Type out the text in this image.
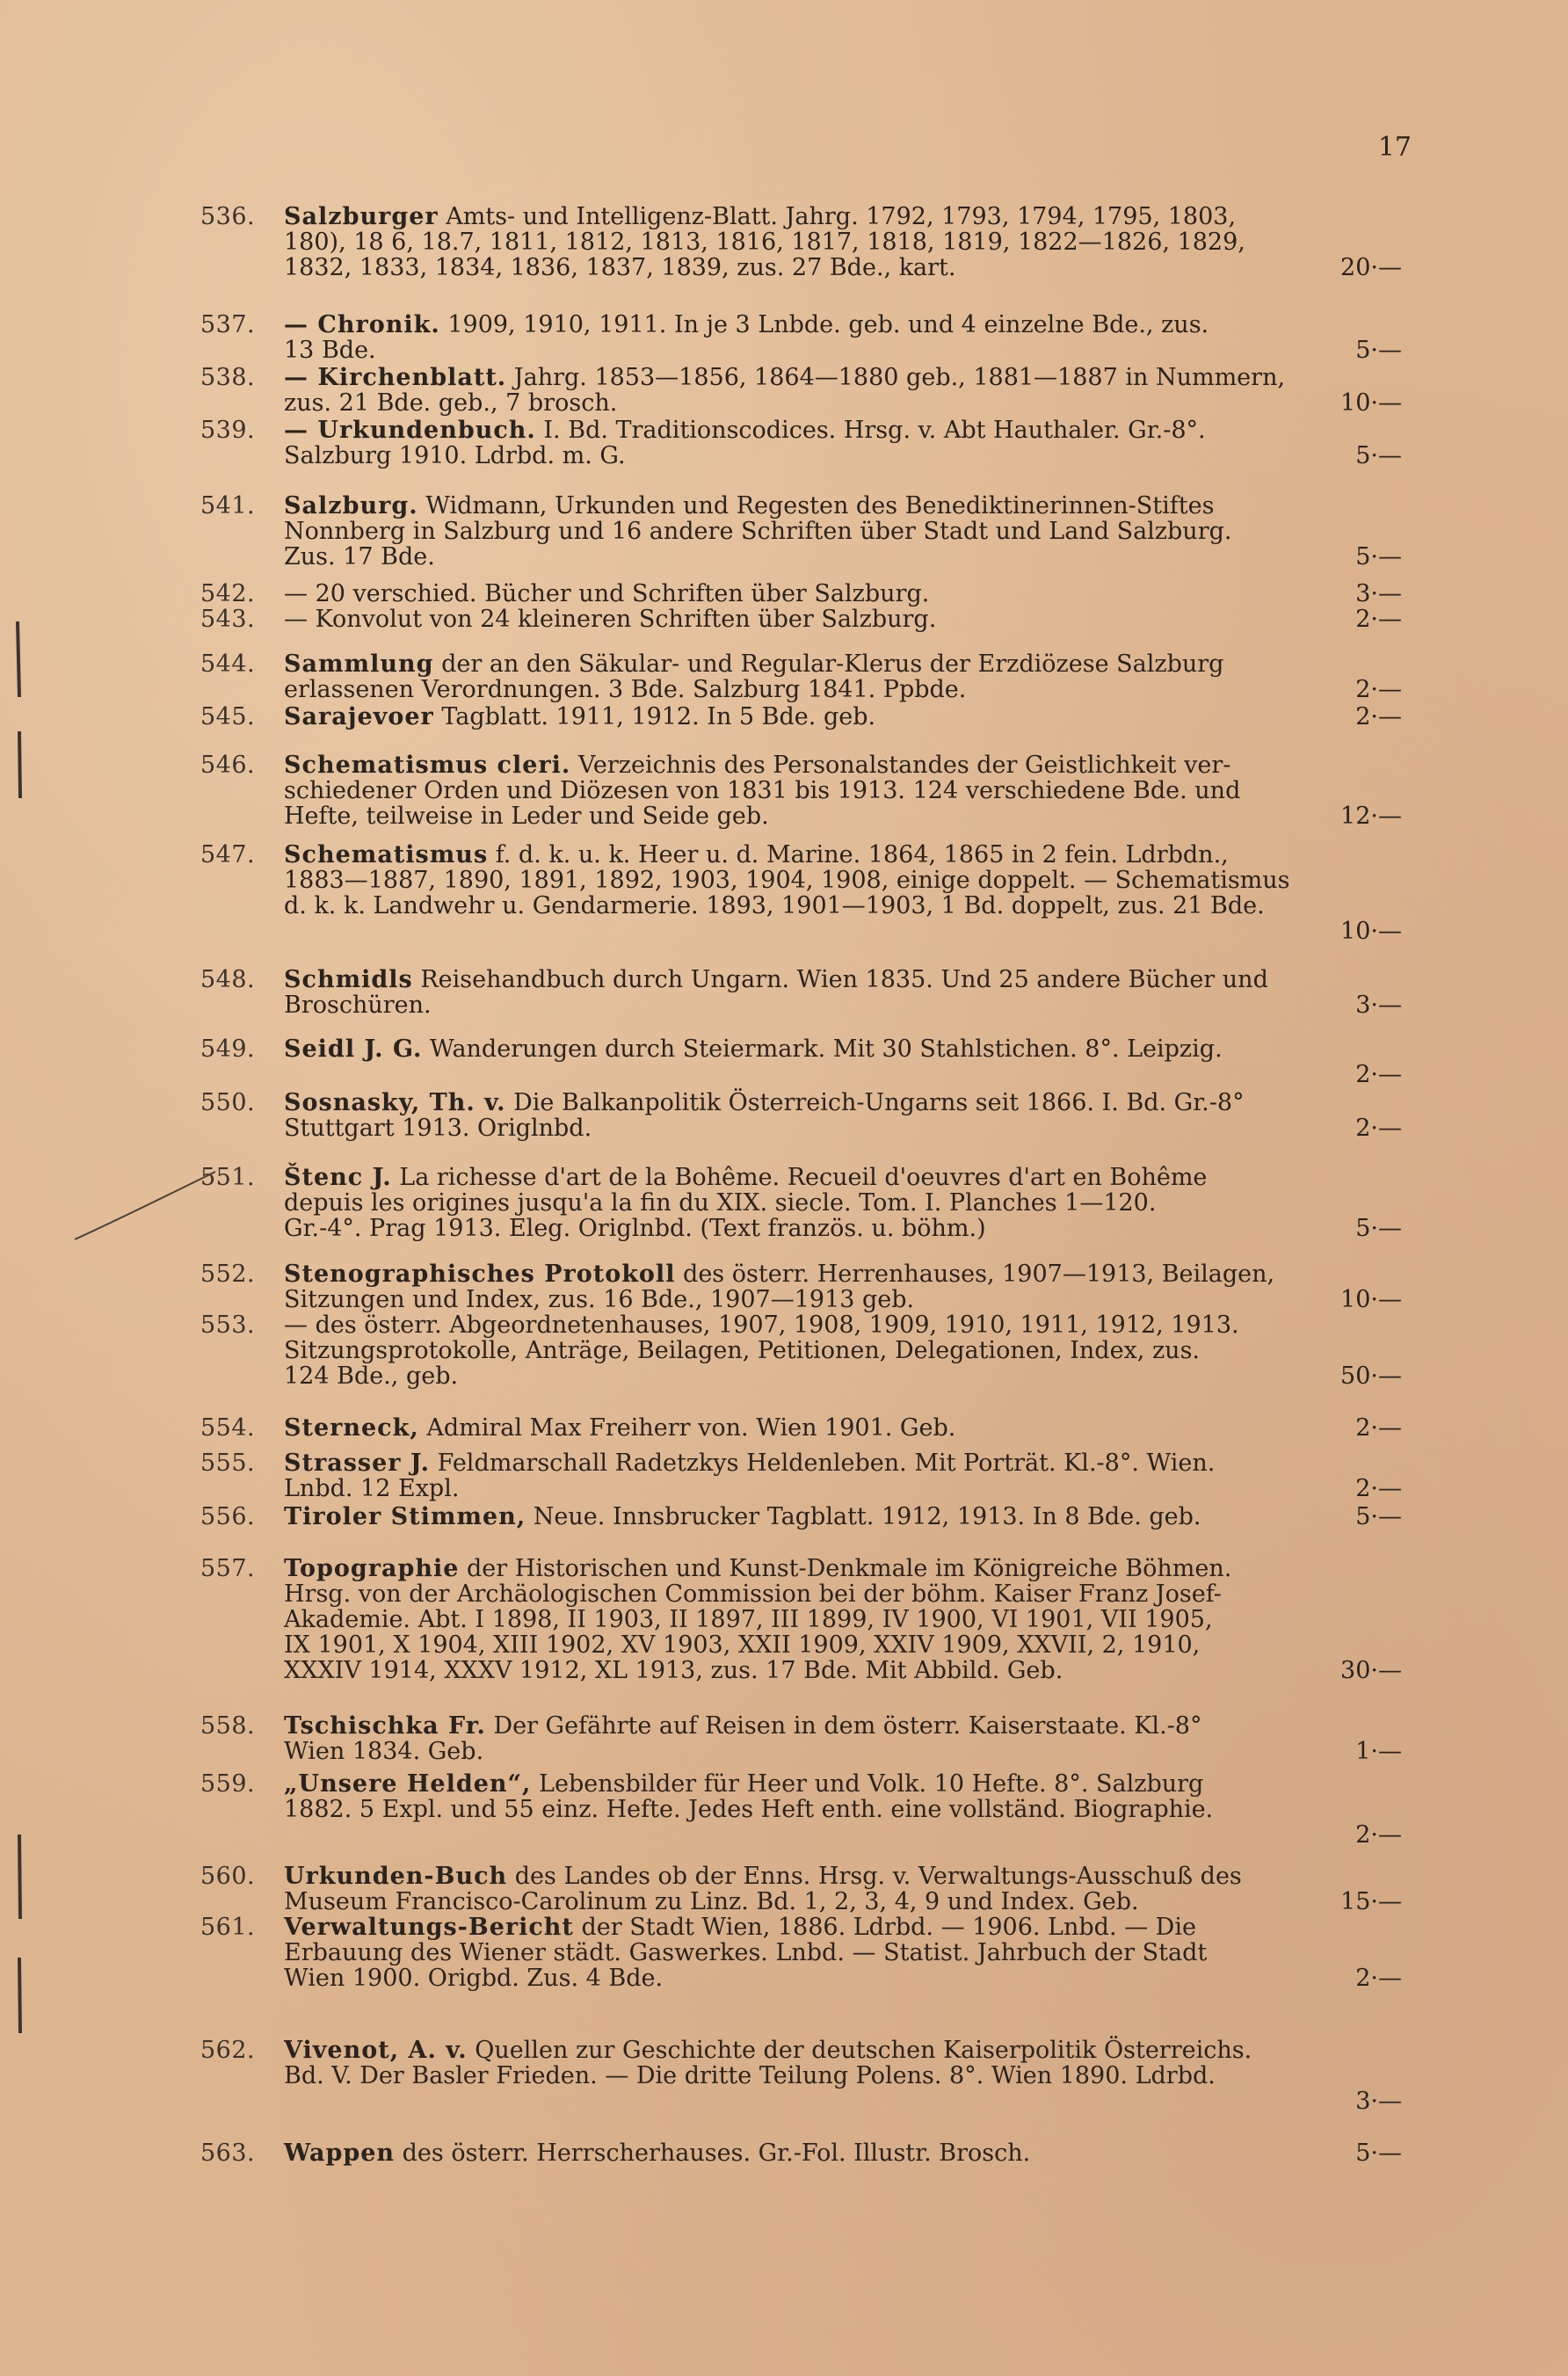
17
536.	Salzburger Amts- und Intelligenz-Blatt. Jahrg. 1792, 1793, 1794, 1795, 1803,
180), 18 6, 18.7, 1811, 1812, 1813, 1816, 1817, 1818, 1819, 1822—1826, 1829,
1832, 1833, 1834, 1836, 1837, 1839, zus. 27 Bde., kart.	20·—
537.	— Chronik. 1909, 1910, 1911. In je 3 Lnbde. geb. und 4 einzelne Bde., zus.
13 Bde.	5·—
538.	— Kirchenblatt. Jahrg. 1853—1856, 1864—1880 geb., 1881—1887 in Nummern,
zus. 21 Bde. geb., 7 brosch.	10·—
539.	— Urkundenbuch. I. Bd. Traditionscodices. Hrsg. v. Abt Hauthaler. Gr.-8°.
Salzburg 1910. Ldrbd. m. G.	5·—
541.	Salzburg. Widmann, Urkunden und Regesten des Benediktinerinnen-Stiftes
Nonnberg in Salzburg und 16 andere Schriften über Stadt und Land Salzburg.
Zus. 17 Bde.	5·—
542.	— 20 verschied. Bücher und Schriften über Salzburg.	3·—
543.	— Konvolut von 24 kleineren Schriften über Salzburg.	2·—
544.	Sammlung der an den Säkular- und Regular-Klerus der Erzdiözese Salzburg
erlassenen Verordnungen. 3 Bde. Salzburg 1841. Ppbde.	2·—
545.	Sarajevoer Tagblatt. 1911, 1912. In 5 Bde. geb.	2·—
546.	Schematismus cleri. Verzeichnis des Personalstandes der Geistlichkeit ver-
schiedener Orden und Diözesen von 1831 bis 1913. 124 verschiedene Bde. und
Hefte, teilweise in Leder und Seide geb.	12·—
547.	Schematismus f. d. k. u. k. Heer u. d. Marine. 1864, 1865 in 2 fein. Ldrbdn.,
1883—1887, 1890, 1891, 1892, 1903, 1904, 1908, einige doppelt. — Schematismus
d. k. k. Landwehr u. Gendarmerie. 1893, 1901—1903, 1 Bd. doppelt, zus. 21 Bde.
10·—
548.	Schmidls Reisehandbuch durch Ungarn. Wien 1835. Und 25 andere Bücher und
Broschüren.	3·—
549.	Seidl J. G. Wanderungen durch Steiermark. Mit 30 Stahlstichen. 8°. Leipzig.
2·—
550.	Sosnasky, Th. v. Die Balkanpolitik Österreich-Ungarns seit 1866. I. Bd. Gr.-8°
Stuttgart 1913. Origlnbd.	2·—
551.	Štenc J. La richesse d'art de la Bohême. Recueil d'oeuvres d'art en Bohême
depuis les origines jusqu'a la fin du XIX. siecle. Tom. I. Planches 1—120.
Gr.-4°. Prag 1913. Eleg. Origlnbd. (Text französ. u. böhm.)	5·—
552.	Stenographisches Protokoll des österr. Herrenhauses, 1907—1913, Beilagen,
Sitzungen und Index, zus. 16 Bde., 1907—1913 geb.	10·—
553.	— des österr. Abgeordnetenhauses, 1907, 1908, 1909, 1910, 1911, 1912, 1913.
Sitzungsprotokolle, Anträge, Beilagen, Petitionen, Delegationen, Index, zus.
124 Bde., geb.	50·—
554.	Sterneck, Admiral Max Freiherr von. Wien 1901. Geb.	2·—
555.	Strasser J. Feldmarschall Radetzkys Heldenleben. Mit Porträt. Kl.-8°. Wien.
Lnbd. 12 Expl.	2·—
556.	Tiroler Stimmen, Neue. Innsbrucker Tagblatt. 1912, 1913. In 8 Bde. geb.	5·—
557.	Topographie der Historischen und Kunst-Denkmale im Königreiche Böhmen.
Hrsg. von der Archäologischen Commission bei der böhm. Kaiser Franz Josef-
Akademie. Abt. I 1898, II 1903, II 1897, III 1899, IV 1900, VI 1901, VII 1905,
IX 1901, X 1904, XIII 1902, XV 1903, XXII 1909, XXIV 1909, XXVII, 2, 1910,
XXXIV 1914, XXXV 1912, XL 1913, zus. 17 Bde. Mit Abbild. Geb.	30·—
558.	Tschischka Fr. Der Gefährte auf Reisen in dem österr. Kaiserstaate. Kl.-8°
Wien 1834. Geb.	1·—
559.	„Unsere Helden“, Lebensbilder für Heer und Volk. 10 Hefte. 8°. Salzburg
1882. 5 Expl. und 55 einz. Hefte. Jedes Heft enth. eine vollständ. Biographie.
2·—
560.	Urkunden-Buch des Landes ob der Enns. Hrsg. v. Verwaltungs-Ausschuß des
Museum Francisco-Carolinum zu Linz. Bd. 1, 2, 3, 4, 9 und Index. Geb.	15·—
561.	Verwaltungs-Bericht der Stadt Wien, 1886. Ldrbd. — 1906. Lnbd. — Die
Erbauung des Wiener städt. Gaswerkes. Lnbd. — Statist. Jahrbuch der Stadt
Wien 1900. Origbd. Zus. 4 Bde.	2·—
562.	Vivenot, A. v. Quellen zur Geschichte der deutschen Kaiserpolitik Österreichs.
Bd. V. Der Basler Frieden. — Die dritte Teilung Polens. 8°. Wien 1890. Ldrbd.
3·—
563.	Wappen des österr. Herrscherhauses. Gr.-Fol. Illustr. Brosch.	5·—
